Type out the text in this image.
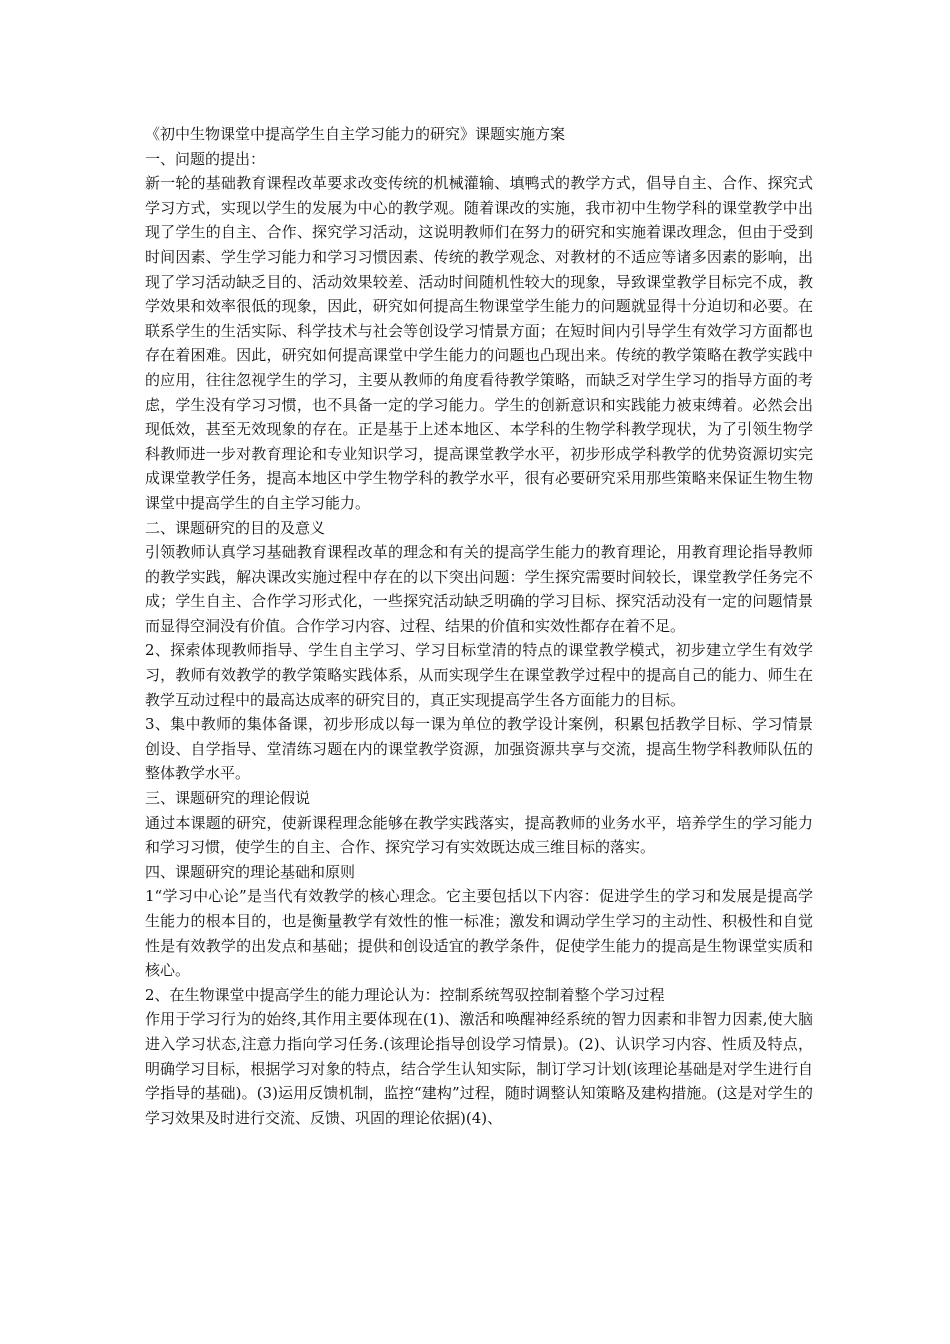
《初中生物课堂中提高学生自主学习能力的研究》课题实施方案

一、问题的提出：

新一轮的基础教育课程改革要求改变传统的机械灌输、填鸭式的教学方式，倡导自主、合作、探究式学习方式，实现以学生的发展为中心的教学观。随着课改的实施，我市初中生物学科的课堂教学中出现了学生的自主、合作、探究学习活动，这说明教师们在努力的研究和实施着课改理念，但由于受到时间因素、学生学习能力和学习习惯因素、传统的教学观念、对教材的不适应等诸多因素的影响，出现了学习活动缺乏目的、活动效果较差、活动时间随机性较大的现象，导致课堂教学目标完不成，教学效果和效率很低的现象，因此，研究如何提高生物课堂学生能力的问题就显得十分迫切和必要。在联系学生的生活实际、科学技术与社会等创设学习情景方面；在短时间内引导学生有效学习方面都也存在着困难。因此，研究如何提高课堂中学生能力的问题也凸现出来。传统的教学策略在教学实践中的应用，往往忽视学生的学习，主要从教师的角度看待教学策略，而缺乏对学生学习的指导方面的考虑，学生没有学习习惯，也不具备一定的学习能力。学生的创新意识和实践能力被束缚着。必然会出现低效，甚至无效现象的存在。正是基于上述本地区、本学科的生物学科教学现状，为了引领生物学科教师进一步对教育理论和专业知识学习，提高课堂教学水平，初步形成学科教学的优势资源切实完成课堂教学任务，提高本地区中学生物学科的教学水平，很有必要研究采用那些策略来保证生物生物课堂中提高学生的自主学习能力。

二、课题研究的目的及意义

引领教师认真学习基础教育课程改革的理念和有关的提高学生能力的教育理论，用教育理论指导教师的教学实践，解决课改实施过程中存在的以下突出问题：学生探究需要时间较长，课堂教学任务完不成；学生自主、合作学习形式化，一些探究活动缺乏明确的学习目标、探究活动没有一定的问题情景而显得空洞没有价值。合作学习内容、过程、结果的价值和实效性都存在着不足。

2、探索体现教师指导、学生自主学习、学习目标堂清的特点的课堂教学模式，初步建立学生有效学习，教师有效教学的教学策略实践体系，从而实现学生在课堂教学过程中的提高自己的能力、师生在教学互动过程中的最高达成率的研究目的，真正实现提高学生各方面能力的目标。

3、集中教师的集体备课，初步形成以每一课为单位的教学设计案例，积累包括教学目标、学习情景创设、自学指导、堂清练习题在内的课堂教学资源，加强资源共享与交流，提高生物学科教师队伍的整体教学水平。

三、课题研究的理论假说

通过本课题的研究，使新课程理念能够在教学实践落实，提高教师的业务水平，培养学生的学习能力和学习习惯，使学生的自主、合作、探究学习有实效既达成三维目标的落实。

四、课题研究的理论基础和原则

1“学习中心论”是当代有效教学的核心理念。它主要包括以下内容：促进学生的学习和发展是提高学生能力的根本目的，也是衡量教学有效性的惟一标准；激发和调动学生学习的主动性、积极性和自觉性是有效教学的出发点和基础；提供和创设适宜的教学条件，促使学生能力的提高是生物课堂实质和核心。

2、在生物课堂中提高学生的能力理论认为：控制系统驾驭控制着整个学习过程

作用于学习行为的始终,其作用主要体现在(1)、激活和唤醒神经系统的智力因素和非智力因素,使大脑进入学习状态,注意力指向学习任务.(该理论指导创设学习情景)。(2)、认识学习内容、性质及特点，明确学习目标，根据学习对象的特点，结合学生认知实际，制订学习计划(该理论基础是对学生进行自学指导的基础)。(3)运用反馈机制，监控“建构”过程，随时调整认知策略及建构措施。(这是对学生的学习效果及时进行交流、反馈、巩固的理论依据)(4)、
